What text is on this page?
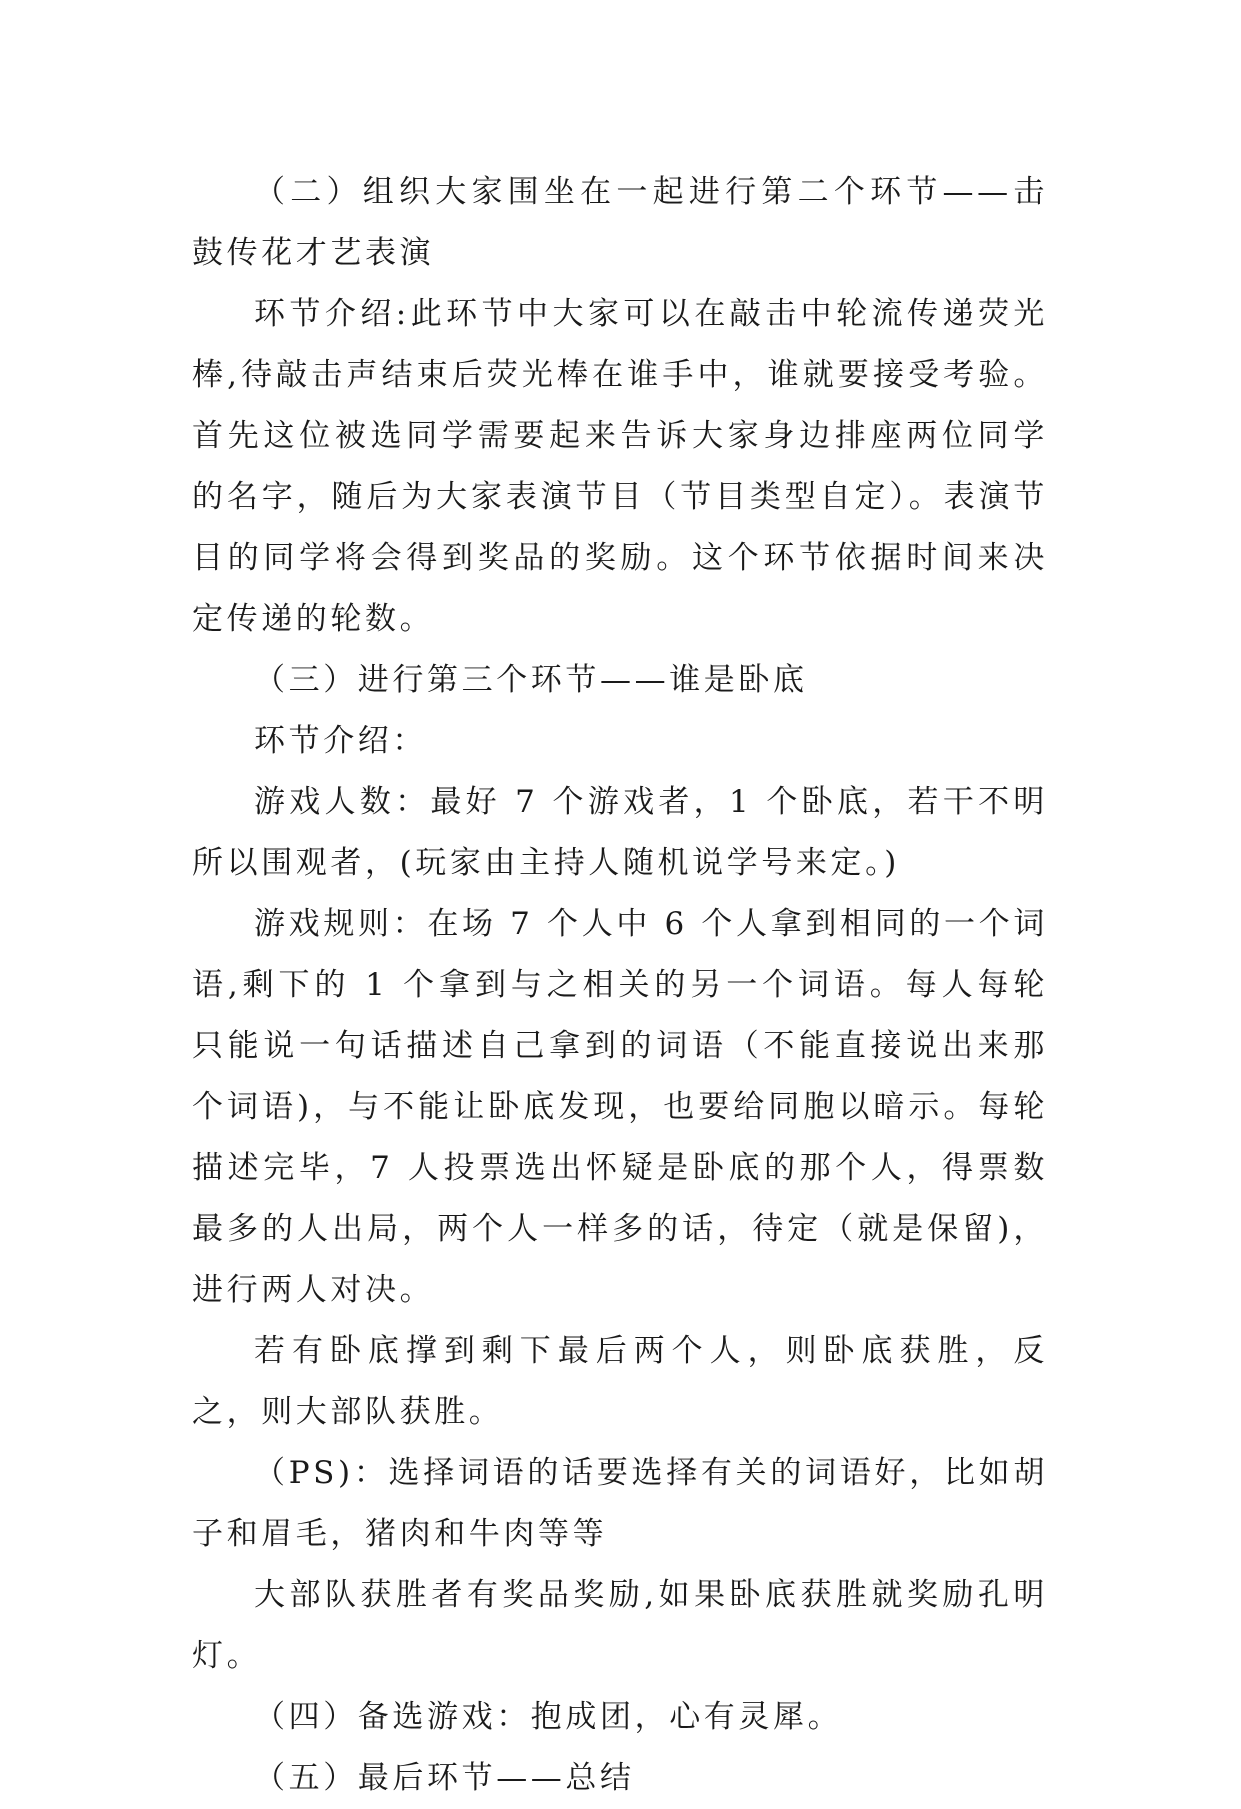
（二）组织大家围坐在一起进行第二个环节——击鼓传花才艺表演

环节介绍:此环节中大家可以在敲击中轮流传递荧光棒,待敲击声结束后荧光棒在谁手中，谁就要接受考验。首先这位被选同学需要起来告诉大家身边排座两位同学的名字，随后为大家表演节目（节目类型自定）。表演节目的同学将会得到奖品的奖励。这个环节依据时间来决定传递的轮数。

（三）进行第三个环节——谁是卧底

环节介绍：

游戏人数：最好 7 个游戏者，1 个卧底，若干不明所以围观者，(玩家由主持人随机说学号来定。)

游戏规则：在场 7 个人中 6 个人拿到相同的一个词语,剩下的 1 个拿到与之相关的另一个词语。每人每轮只能说一句话描述自己拿到的词语（不能直接说出来那个词语)，与不能让卧底发现，也要给同胞以暗示。每轮描述完毕，7 人投票选出怀疑是卧底的那个人，得票数最多的人出局，两个人一样多的话，待定（就是保留)，进行两人对决。

若有卧底撑到剩下最后两个人，则卧底获胜，反之，则大部队获胜。

（PS)：选择词语的话要选择有关的词语好，比如胡子和眉毛，猪肉和牛肉等等

大部队获胜者有奖品奖励,如果卧底获胜就奖励孔明灯。

（四）备选游戏：抱成团，心有灵犀。

（五）最后环节——总结
